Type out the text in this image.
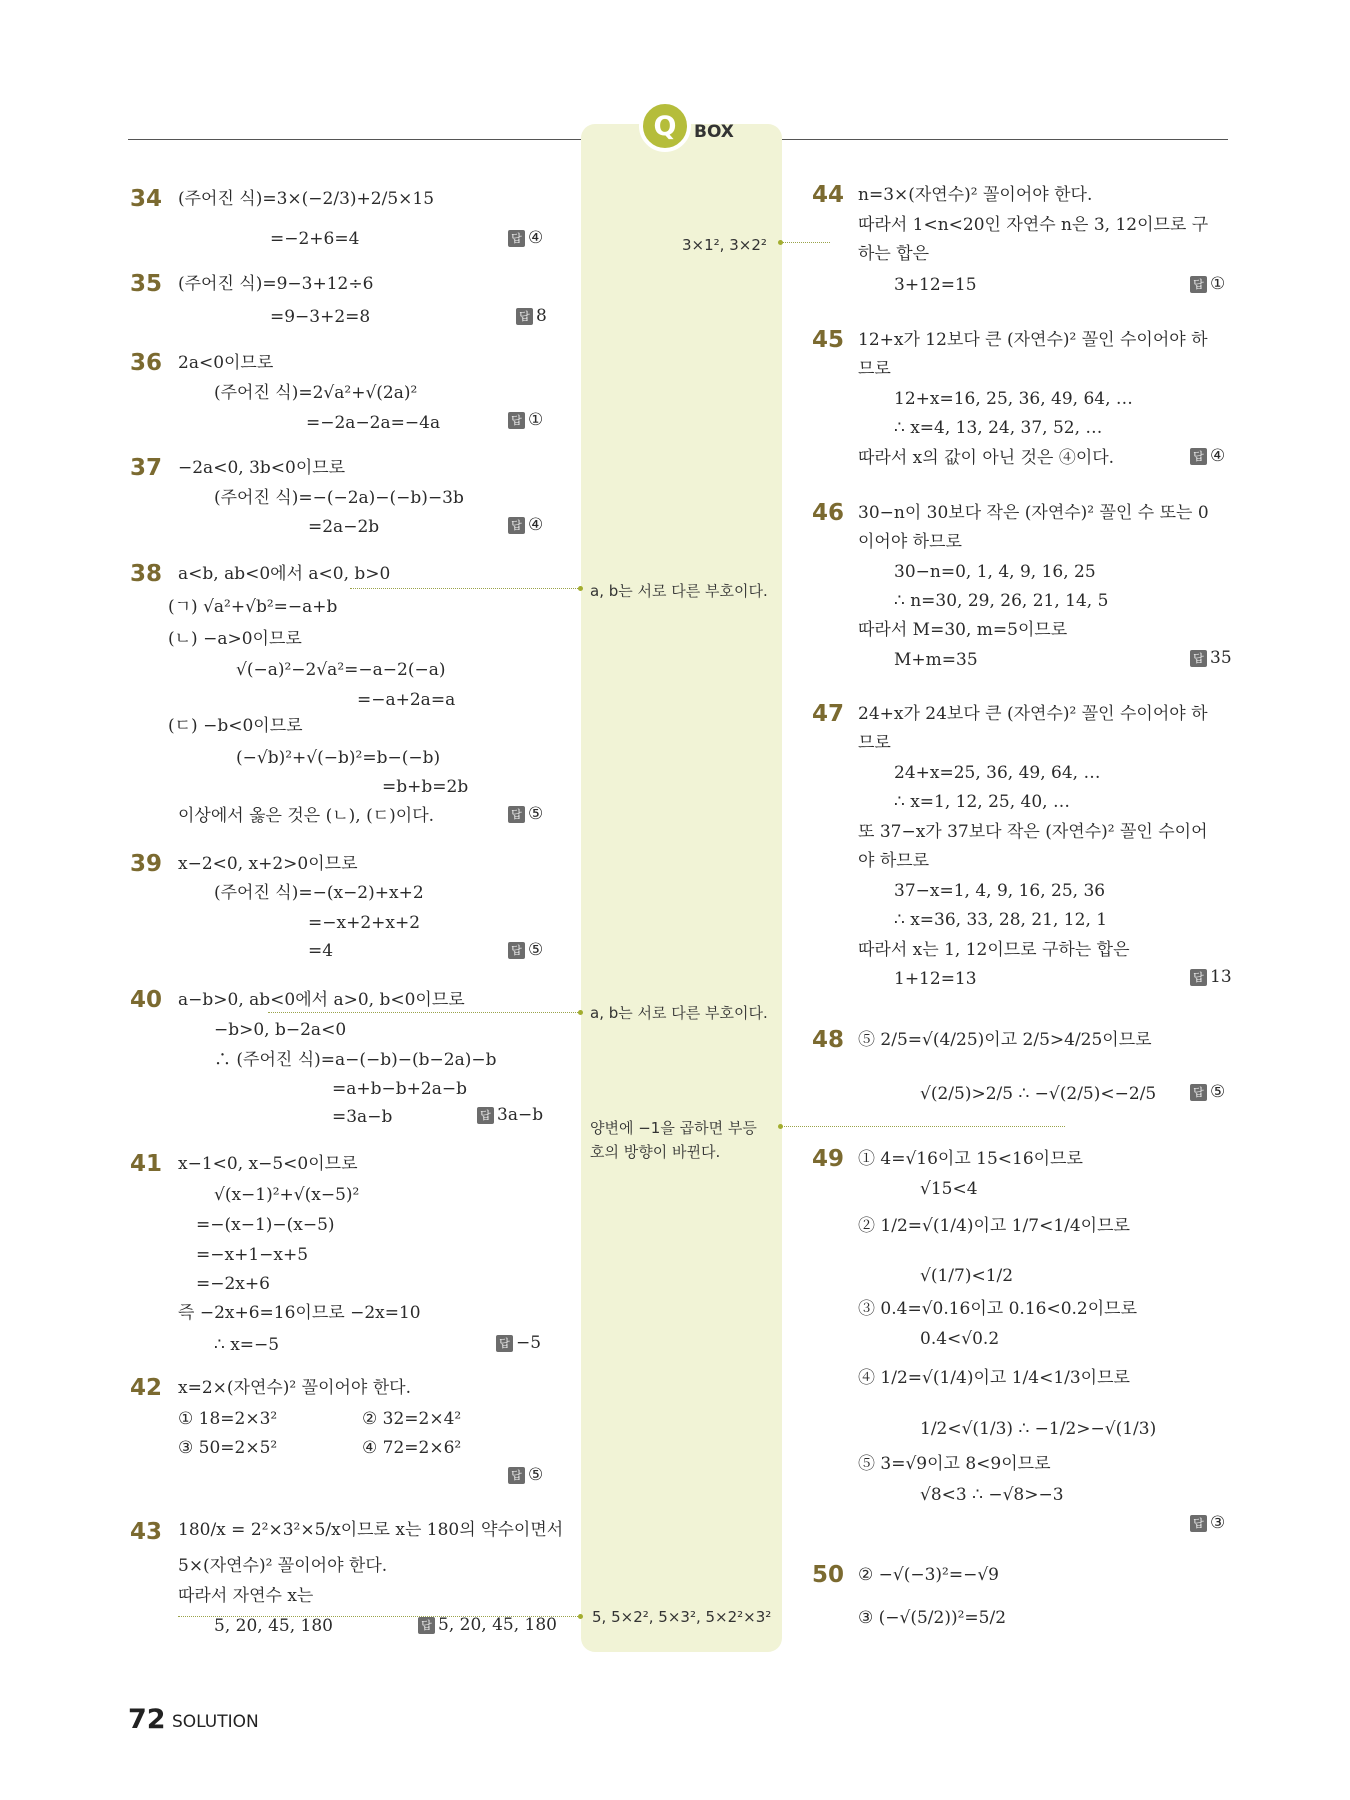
Q	BOX
34 (주어진 식)=3×(−2/3)+2/5×15
=−2+6=4	답 ④
35 (주어진 식)=9−3+12÷6
=9−3+2=8	답 8
36 2a<0이므로
(주어진 식)=2√a²+√(2a)²
=−2a−2a=−4a	답 ①
37 −2a<0, 3b<0이므로
(주어진 식)=−(−2a)−(−b)−3b
=2a−2b	답 ④
38 a<b, ab<0에서 a<0, b>0
(ㄱ) √a²+√b²=−a+b
(ㄴ) −a>0이므로
√(−a)²−2√a²=−a−2(−a)
=−a+2a=a
(ㄷ) −b<0이므로
(−√b)²+√(−b)²=b−(−b)
=b+b=2b
이상에서 옳은 것은 (ㄴ), (ㄷ)이다.	답 ⑤
39 x−2<0, x+2>0이므로
(주어진 식)=−(x−2)+x+2
=−x+2+x+2
=4	답 ⑤
40 a−b>0, ab<0에서 a>0, b<0이므로
−b>0, b−2a<0
∴ (주어진 식)=a−(−b)−(b−2a)−b
=a+b−b+2a−b
=3a−b	답 3a−b
41 x−1<0, x−5<0이므로
√(x−1)²+√(x−5)²
=−(x−1)−(x−5)
=−x+1−x+5
=−2x+6
즉 −2x+6=16이므로 −2x=10
∴ x=−5	답 −5
42 x=2×(자연수)² 꼴이어야 한다.
① 18=2×3²	② 32=2×4²
③ 50=2×5²	④ 72=2×6²
답 ⑤
43 180/x = 2²×3²×5/x이므로 x는 180의 약수이면서
5×(자연수)² 꼴이어야 한다.
따라서 자연수 x는
5, 20, 45, 180	답 5, 20, 45, 180
44 n=3×(자연수)² 꼴이어야 한다.
따라서 1<n<20인 자연수 n은 3, 12이므로 구
하는 합은
3+12=15	답 ①
45 12+x가 12보다 큰 (자연수)² 꼴인 수이어야 하
므로
12+x=16, 25, 36, 49, 64, …
∴ x=4, 13, 24, 37, 52, …
따라서 x의 값이 아닌 것은 ④이다.	답 ④
46 30−n이 30보다 작은 (자연수)² 꼴인 수 또는 0
이어야 하므로
30−n=0, 1, 4, 9, 16, 25
∴ n=30, 29, 26, 21, 14, 5
따라서 M=30, m=5이므로
M+m=35	답 35
47 24+x가 24보다 큰 (자연수)² 꼴인 수이어야 하
므로
24+x=25, 36, 49, 64, …
∴ x=1, 12, 25, 40, …
또 37−x가 37보다 작은 (자연수)² 꼴인 수이어
야 하므로
37−x=1, 4, 9, 16, 25, 36
∴ x=36, 33, 28, 21, 12, 1
따라서 x는 1, 12이므로 구하는 합은
1+12=13	답 13
48 ⑤ 2/5=√(4/25)이고 2/5>4/25이므로
√(2/5)>2/5 ∴ −√(2/5)<−2/5	답 ⑤
49 ① 4=√16이고 15<16이므로
√15<4
② 1/2=√(1/4)이고 1/7<1/4이므로
√(1/7)<1/2
③ 0.4=√0.16이고 0.16<0.2이므로
0.4<√0.2
④ 1/2=√(1/4)이고 1/4<1/3이므로
1/2<√(1/3) ∴ −1/2>−√(1/3)
⑤ 3=√9이고 8<9이므로
√8<3 ∴ −√8>−3
답 ③
50 ② −√(−3)²=−√9
③ (−√(5/2))²=5/2
3×1², 3×2²
a, b는 서로 다른 부호이다.
a, b는 서로 다른 부호이다.
양변에 −1을 곱하면 부등
호의 방향이 바뀐다.
5, 5×2², 5×3², 5×2²×3²
72 SOLUTION
